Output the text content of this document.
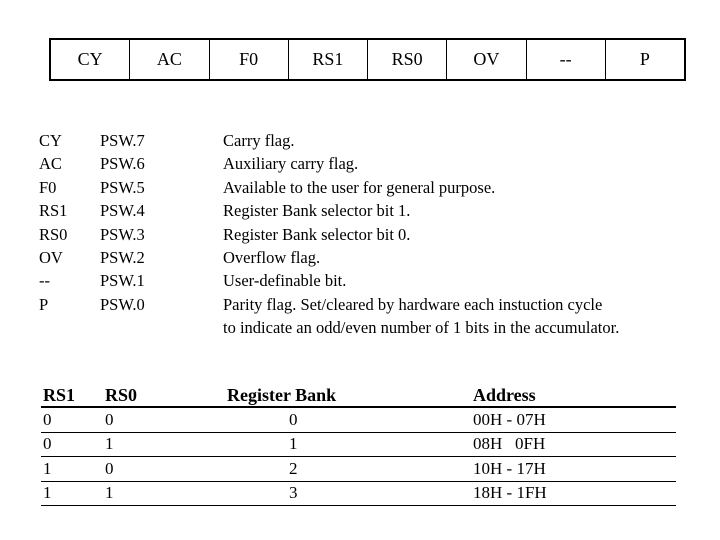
CY	AC	F0	RS1	RS0	OV	--	P
CY	PSW.7	Carry flag.
AC	PSW.6	Auxiliary carry flag.
F0	PSW.5	Available to the user for general purpose.
RS1	PSW.4	Register Bank selector bit 1.
RS0	PSW.3	Register Bank selector bit 0.
OV	PSW.2	Overflow flag.
--	PSW.1	User-definable bit.
P	PSW.0	Parity flag. Set/cleared by hardware each instuction cycle
to indicate an odd/even number of 1 bits in the accumulator.
RS1	RS0	Register Bank	Address
0	0	0	00H - 07H
0	1	1	08H   0FH
1	0	2	10H - 17H
1	1	3	18H - 1FH
